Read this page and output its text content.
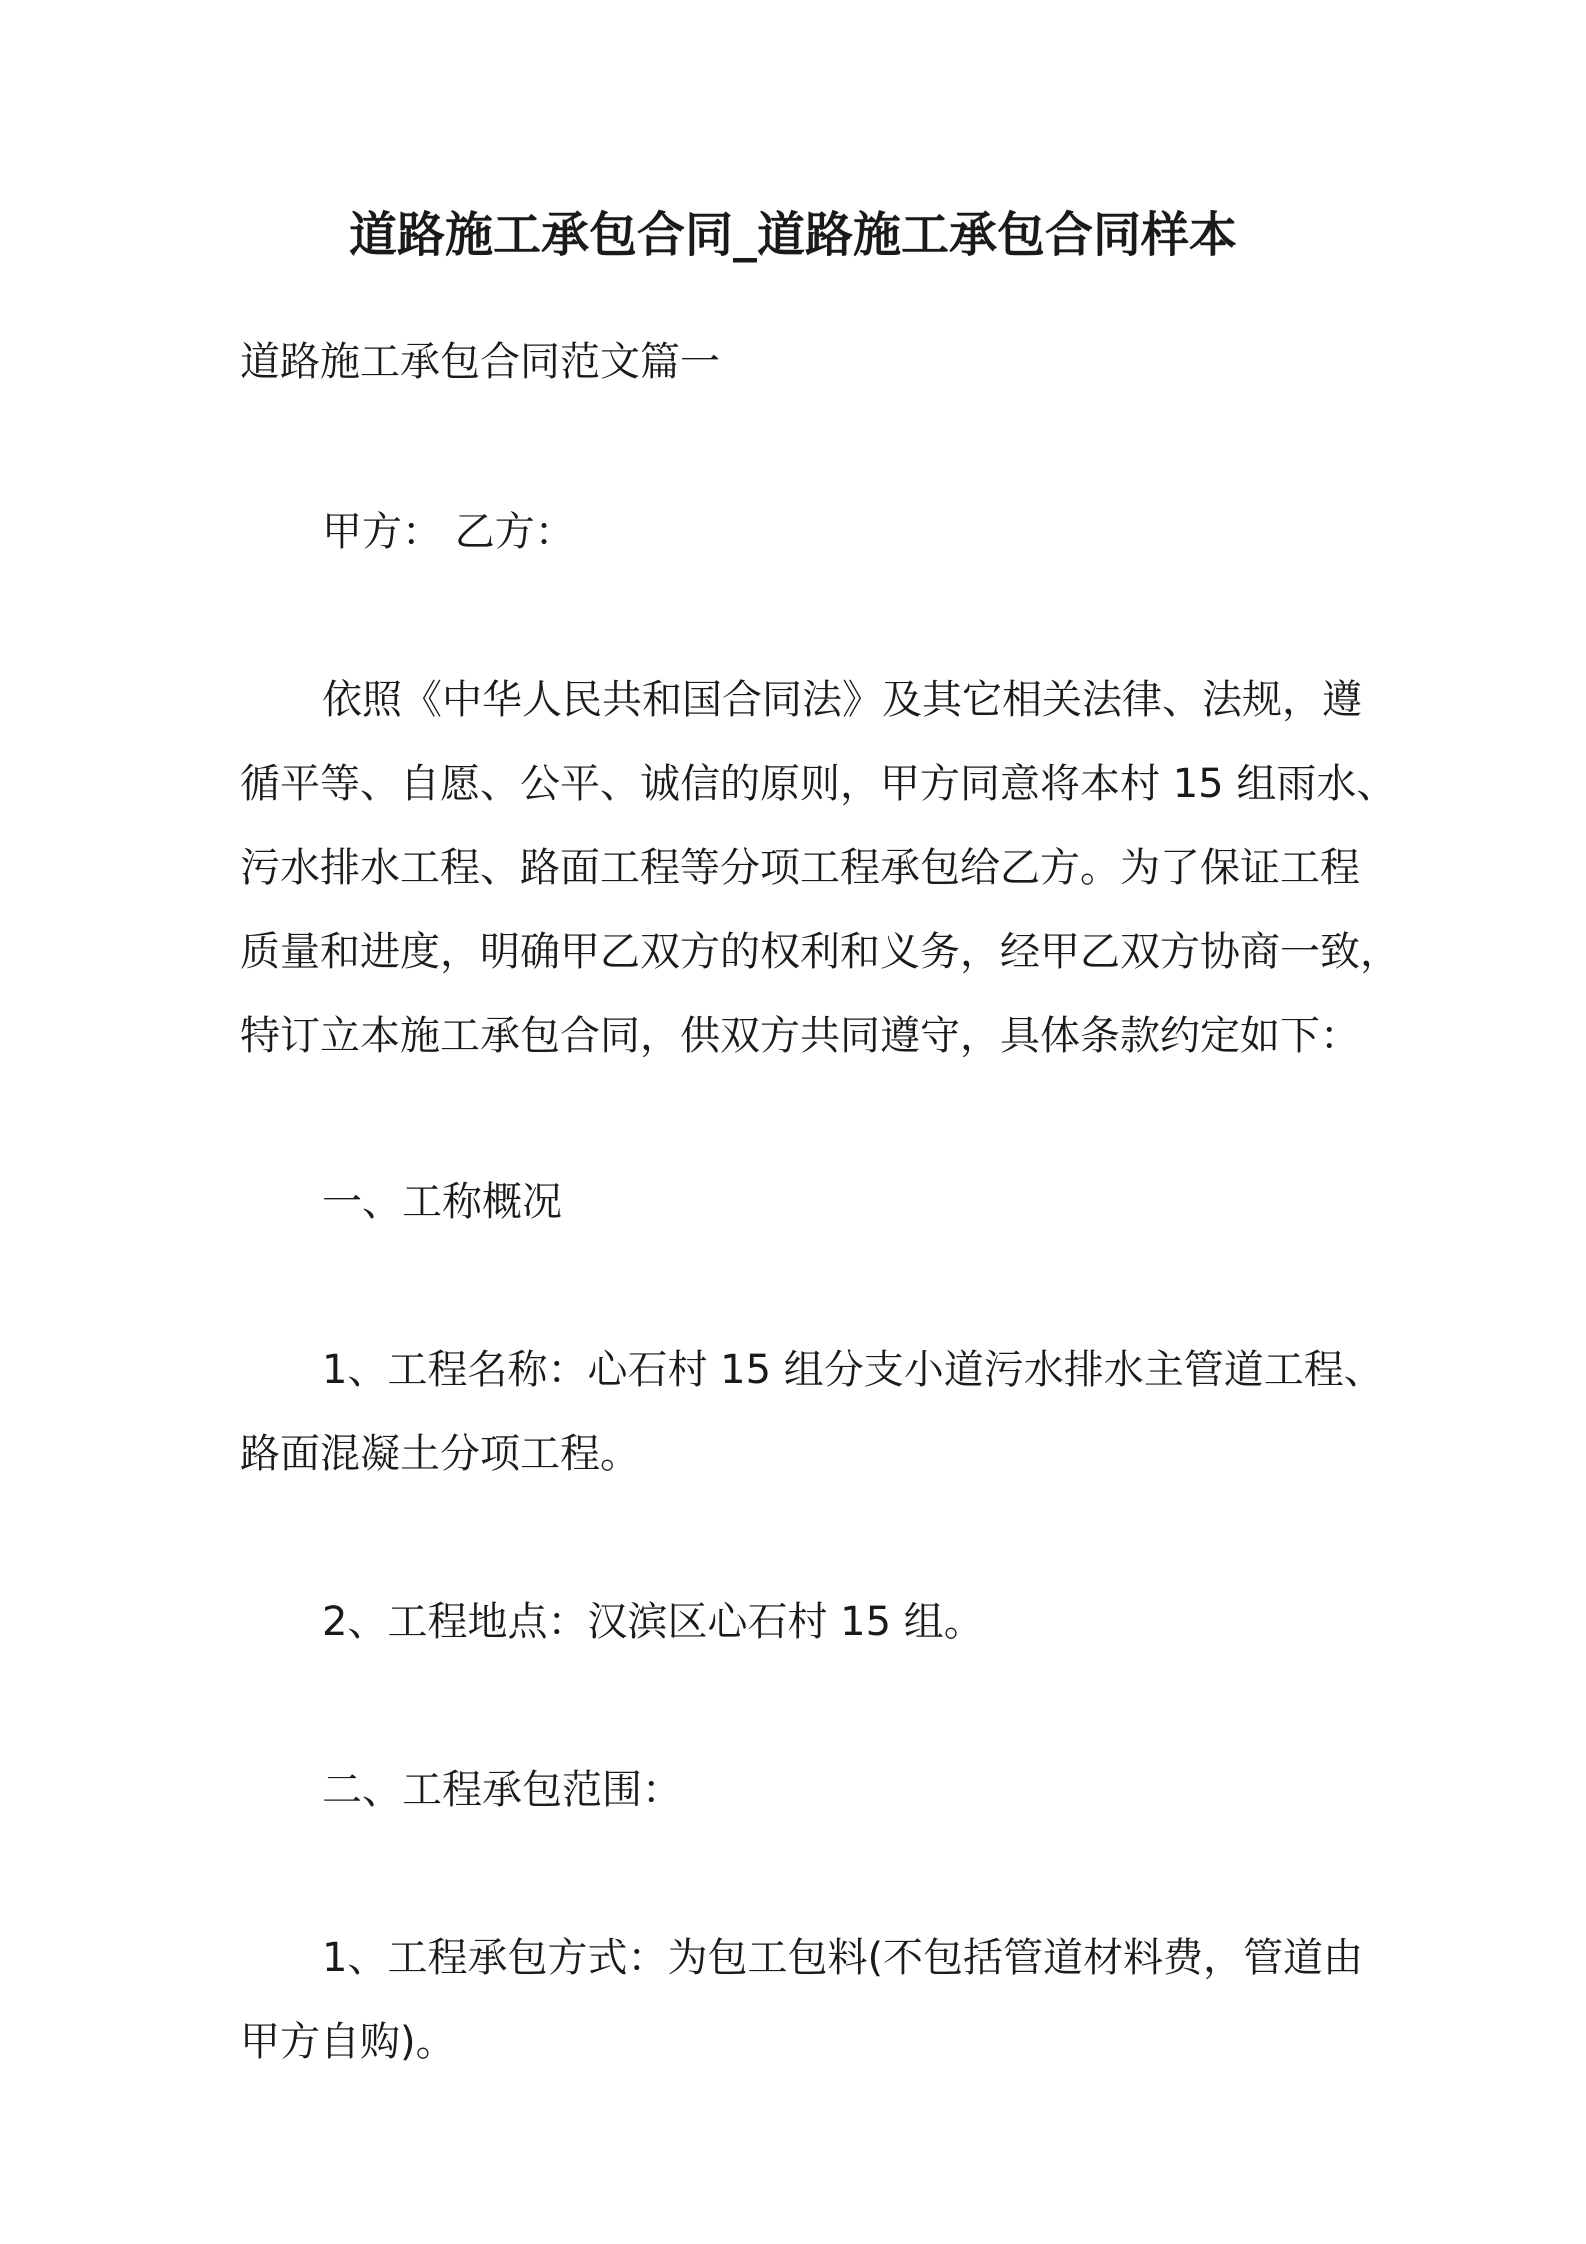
道路施工承包合同_道路施工承包合同样本
道路施工承包合同范文篇一
甲方： 乙方：
依照《中华人民共和国合同法》及其它相关法律、法规，遵
循平等、自愿、公平、诚信的原则，甲方同意将本村 15 组雨水、
污水排水工程、路面工程等分项工程承包给乙方。为了保证工程
质量和进度，明确甲乙双方的权利和义务，经甲乙双方协商一致，
特订立本施工承包合同，供双方共同遵守，具体条款约定如下：
一、工称概况
1、工程名称：心石村 15 组分支小道污水排水主管道工程、
路面混凝土分项工程。
2、工程地点：汉滨区心石村 15 组。
二、工程承包范围：
1、工程承包方式：为包工包料(不包括管道材料费，管道由
甲方自购)。
